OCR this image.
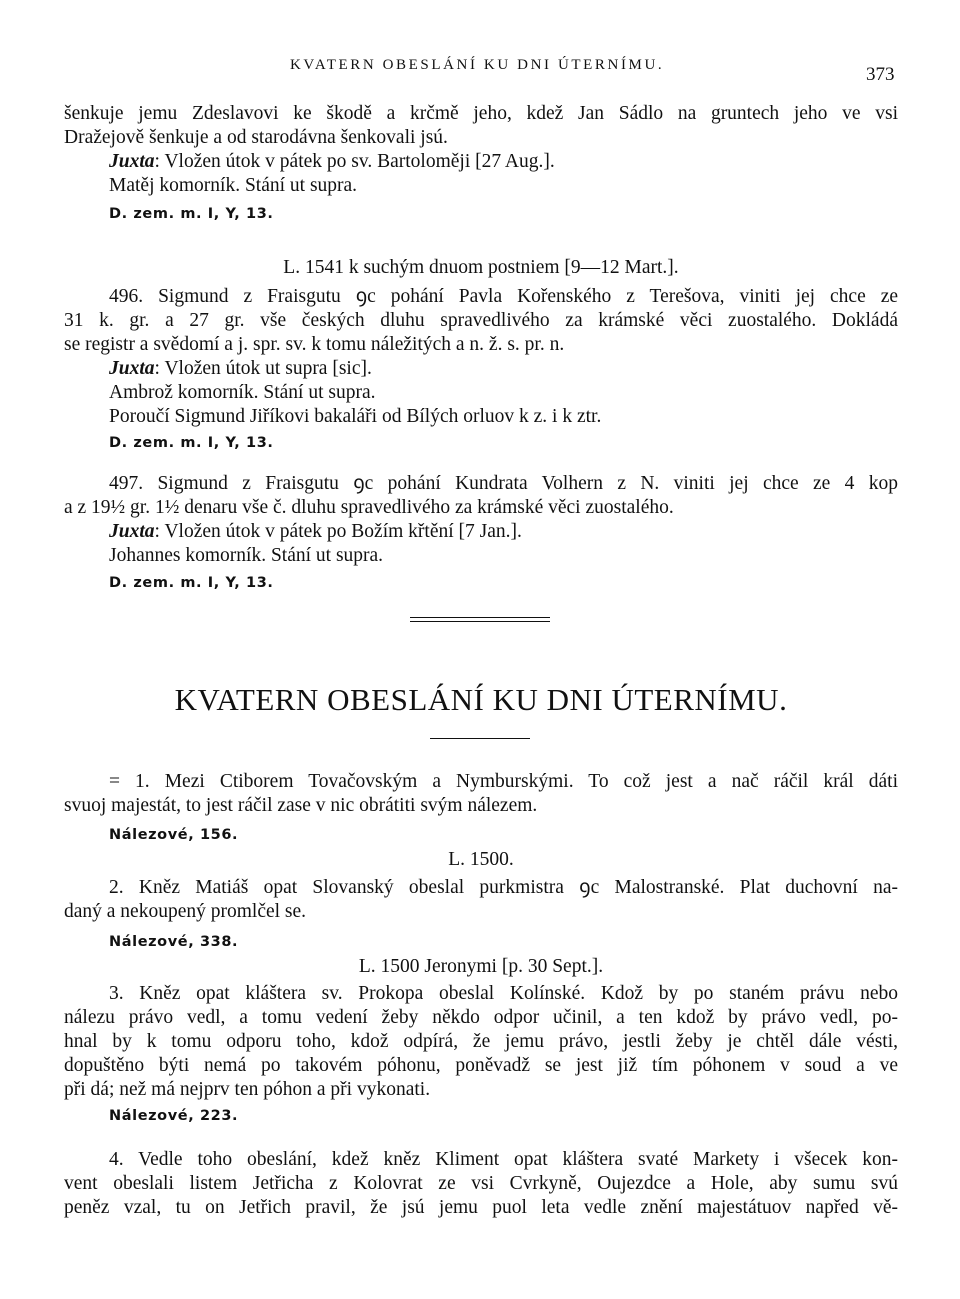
KVATERN OBESLÁNÍ KU DNI ÚTERNÍMU.	373
šenkuje jemu Zdeslavovi ke škodě a krčmě jeho, kdež Jan Sádlo na gruntech jeho ve vsi
Dražejově šenkuje a od starodávna šenkovali jsú.
Juxta: Vložen útok v pátek po sv. Bartoloměji [27 Aug.].
Matěj komorník. Stání ut supra.
D. zem. m. I, Y, 13.
L. 1541 k suchým dnuom postniem [9—12 Mart.].
496. Sigmund z Fraisgutu ꝯc pohání Pavla Kořenského z Terešova, viniti jej chce ze
31 k. gr. a 27 gr. vše českých dluhu spravedlivého za krámské věci zuostalého. Dokládá
se registr a svědomí a j. spr. sv. k tomu náležitých a n. ž. s. pr. n.
Juxta: Vložen útok ut supra [sic].
Ambrož komorník. Stání ut supra.
Poroučí Sigmund Jiříkovi bakaláři od Bílých orluov k z. i k ztr.
D. zem. m. I, Y, 13.
497. Sigmund z Fraisgutu ꝯc pohání Kundrata Volhern z N. viniti jej chce ze 4 kop
a z 19½ gr. 1½ denaru vše č. dluhu spravedlivého za krámské věci zuostalého.
Juxta: Vložen útok v pátek po Božím křtění [7 Jan.].
Johannes komorník. Stání ut supra.
D. zem. m. I, Y, 13.
KVATERN OBESLÁNÍ KU DNI ÚTERNÍMU.
= 1. Mezi Ctiborem Tovačovským a Nymburskými. To což jest a nač ráčil král dáti
svuoj majestát, to jest ráčil zase v nic obrátiti svým nálezem.
Nálezové, 156.
L. 1500.
2. Kněz Matiáš opat Slovanský obeslal purkmistra ꝯc Malostranské. Plat duchovní na-
daný a nekoupený promlčel se.
Nálezové, 338.
L. 1500 Jeronymi [p. 30 Sept.].
3. Kněz opat kláštera sv. Prokopa obeslal Kolínské. Kdož by po staném právu nebo
nálezu právo vedl, a tomu vedení žeby někdo odpor učinil, a ten kdož by právo vedl, po-
hnal by k tomu odporu toho, kdož odpírá, že jemu právo, jestli žeby je chtěl dále vésti,
dopuštěno býti nemá po takovém póhonu, poněvadž se jest již tím póhonem v soud a ve
při dá; než má nejprv ten póhon a při vykonati.
Nálezové, 223.
4. Vedle toho obeslání, kdež kněz Kliment opat kláštera svaté Markety i všecek kon-
vent obeslali listem Jetřicha z Kolovrat ze vsi Cvrkyně, Oujezdce a Hole, aby sumu svú
peněz vzal, tu on Jetřich pravil, že jsú jemu puol leta vedle znění majestátuov napřed vě-
